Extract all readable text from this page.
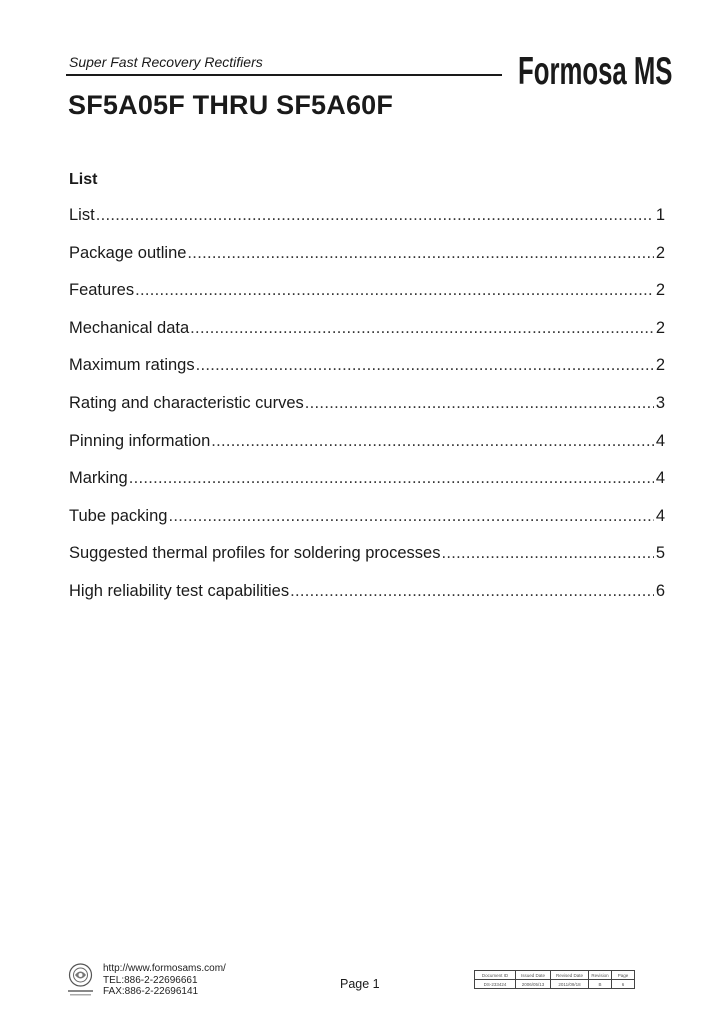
Super Fast Recovery Rectifiers	Formosa MS
SF5A05F THRU SF5A60F
List
List .....	1
Package outline .....	2
Features .....	2
Mechanical data .....	2
Maximum ratings .....	2
Rating and characteristic curves .....	3
Pinning information .....	4
Marking .....	4
Tube packing .....	4
Suggested thermal profiles for soldering processes .....	5
High reliability test capabilities .....	6
http://www.formosams.com/
TEL:886-2-22696661
FAX:886-2-22696141
Page 1
Document ID	Issued Date	Revised Date	Revision	Page
DS-233424	2006/05/13	2011/09/18	B	6
